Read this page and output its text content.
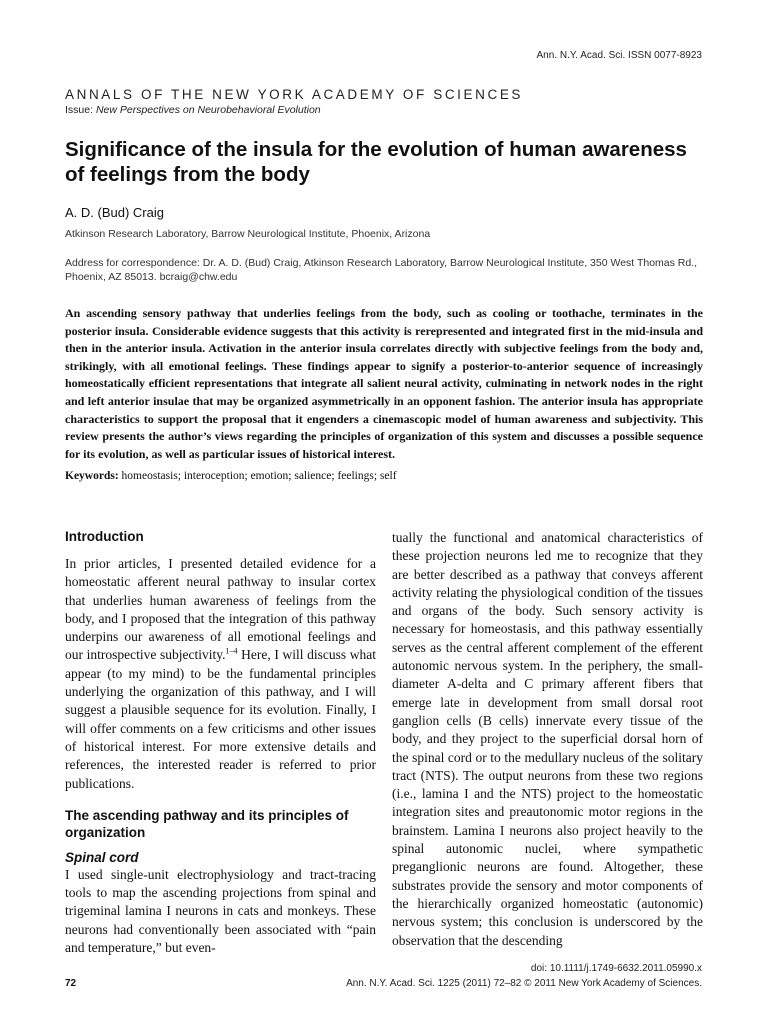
Ann. N.Y. Acad. Sci. ISSN 0077-8923
ANNALS OF THE NEW YORK ACADEMY OF SCIENCES
Issue: New Perspectives on Neurobehavioral Evolution
Significance of the insula for the evolution of human awareness of feelings from the body
A. D. (Bud) Craig
Atkinson Research Laboratory, Barrow Neurological Institute, Phoenix, Arizona
Address for correspondence: Dr. A. D. (Bud) Craig, Atkinson Research Laboratory, Barrow Neurological Institute, 350 West Thomas Rd., Phoenix, AZ 85013. bcraig@chw.edu

An ascending sensory pathway that underlies feelings from the body, such as cooling or toothache, terminates in the posterior insula. Considerable evidence suggests that this activity is rerepresented and integrated first in the mid-insula and then in the anterior insula. Activation in the anterior insula correlates directly with subjective feelings from the body and, strikingly, with all emotional feelings. These findings appear to signify a posterior-to-anterior sequence of increasingly homeostatically efficient representations that integrate all salient neural activity, culminating in network nodes in the right and left anterior insulae that may be organized asymmetrically in an opponent fashion. The anterior insula has appropriate characteristics to support the proposal that it engenders a cinemascopic model of human awareness and subjectivity. This review presents the author’s views regarding the principles of organization of this system and discusses a possible sequence for its evolution, as well as particular issues of historical interest.

Keywords: homeostasis; interoception; emotion; salience; feelings; self
Introduction

In prior articles, I presented detailed evidence for a homeostatic afferent neural pathway to insular cortex that underlies human awareness of feelings from the body, and I proposed that the integration of this pathway underpins our awareness of all emotional feelings and our introspective subjectivity.$^{1-4}$ Here, I will discuss what appear (to my mind) to be the fundamental principles underlying the organization of this pathway, and I will suggest a plausible sequence for its evolution. Finally, I will offer comments on a few criticisms and other issues of historical interest. For more extensive details and references, the interested reader is referred to prior publications.

The ascending pathway and its principles of organization
Spinal cord

I used single-unit electrophysiology and tract-tracing tools to map the ascending projections from spinal and trigeminal lamina I neurons in cats and monkeys. These neurons had conventionally been associated with “pain and temperature,” but even-

tually the functional and anatomical characteristics of these projection neurons led me to recognize that they are better described as a pathway that conveys afferent activity relating the physiological condition of the tissues and organs of the body. Such sensory activity is necessary for homeostasis, and this pathway essentially serves as the central afferent complement of the efferent autonomic nervous system. In the periphery, the small-diameter A-delta and C primary afferent fibers that emerge late in development from small dorsal root ganglion cells (B cells) innervate every tissue of the body, and they project to the superficial dorsal horn of the spinal cord or to the medullary nucleus of the solitary tract (NTS). The output neurons from these two regions (i.e., lamina I and the NTS) project to the homeostatic integration sites and preautonomic motor regions in the brainstem. Lamina I neurons also project heavily to the spinal autonomic nuclei, where sympathetic preganglionic neurons are found. Altogether, these substrates provide the sensory and motor components of the hierarchically organized homeostatic (autonomic) nervous system; this conclusion is underscored by the observation that the descending

doi: 10.1111/j.1749-6632.2011.05990.x
72	Ann. N.Y. Acad. Sci. 1225 (2011) 72–82 © 2011 New York Academy of Sciences.
